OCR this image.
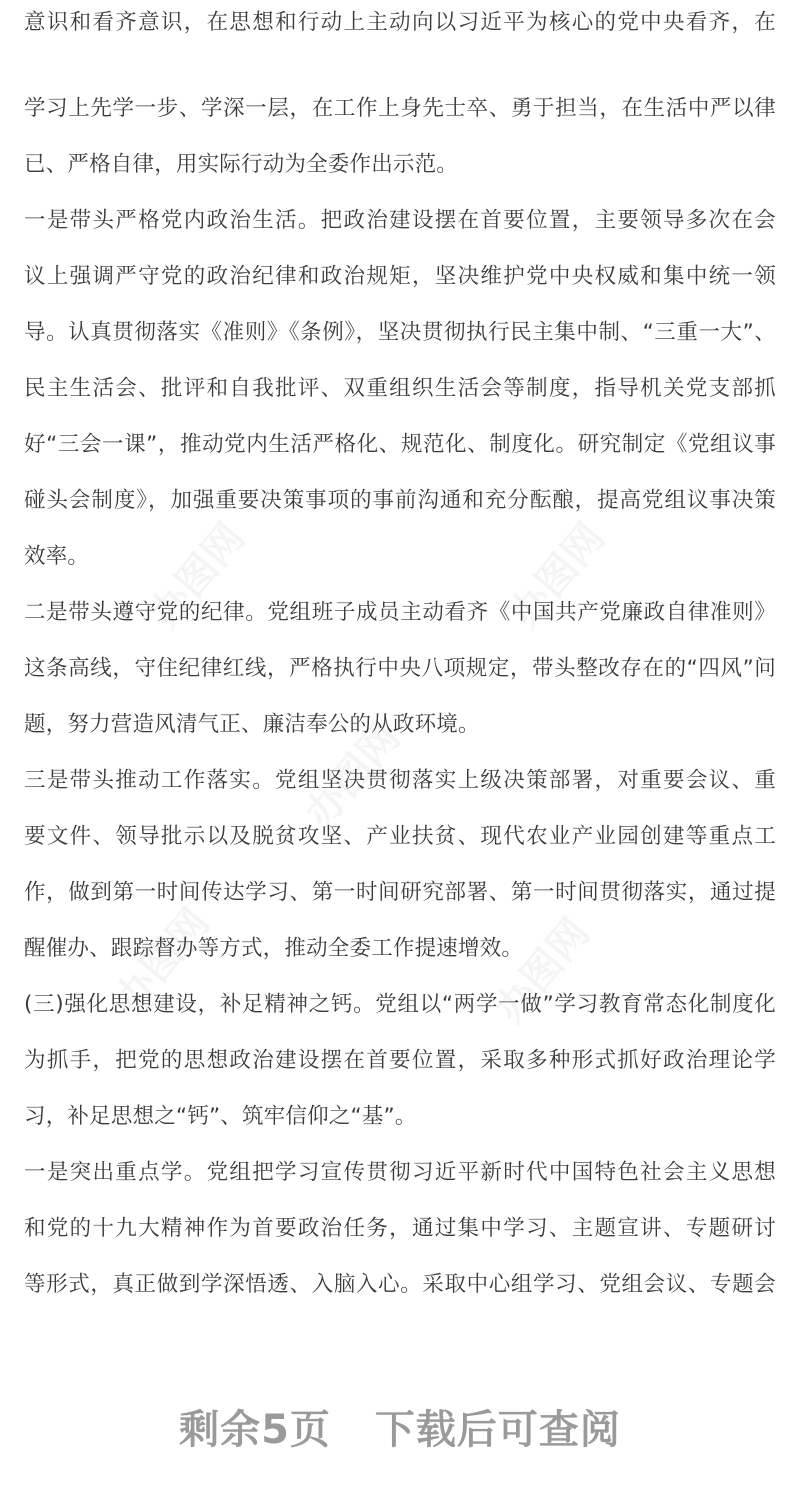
意识和看齐意识，在思想和行动上主动向以习近平为核心的党中央看齐，在
学习上先学一步、学深一层，在工作上身先士卒、勇于担当，在生活中严以律
已、严格自律，用实际行动为全委作出示范。
一是带头严格党内政治生活。把政治建设摆在首要位置，主要领导多次在会
议上强调严守党的政治纪律和政治规矩，坚决维护党中央权威和集中统一领
导。认真贯彻落实《准则》《条例》，坚决贯彻执行民主集中制、“三重一大”、
民主生活会、批评和自我批评、双重组织生活会等制度，指导机关党支部抓
好“三会一课”，推动党内生活严格化、规范化、制度化。研究制定《党组议事
碰头会制度》，加强重要决策事项的事前沟通和充分酝酿，提高党组议事决策
效率。
二是带头遵守党的纪律。党组班子成员主动看齐《中国共产党廉政自律准则》
这条高线，守住纪律红线，严格执行中央八项规定，带头整改存在的“四风”问
题，努力营造风清气正、廉洁奉公的从政环境。
三是带头推动工作落实。党组坚决贯彻落实上级决策部署，对重要会议、重
要文件、领导批示以及脱贫攻坚、产业扶贫、现代农业产业园创建等重点工
作，做到第一时间传达学习、第一时间研究部署、第一时间贯彻落实，通过提
醒催办、跟踪督办等方式，推动全委工作提速增效。
(三)强化思想建设，补足精神之钙。党组以“两学一做”学习教育常态化制度化
为抓手，把党的思想政治建设摆在首要位置，采取多种形式抓好政治理论学
习，补足思想之“钙”、筑牢信仰之“基”。
一是突出重点学。党组把学习宣传贯彻习近平新时代中国特色社会主义思想
和党的十九大精神作为首要政治任务，通过集中学习、主题宣讲、专题研讨
等形式，真正做到学深悟透、入脑入心。采取中心组学习、党组会议、专题会
剩余5页 下载后可查阅
